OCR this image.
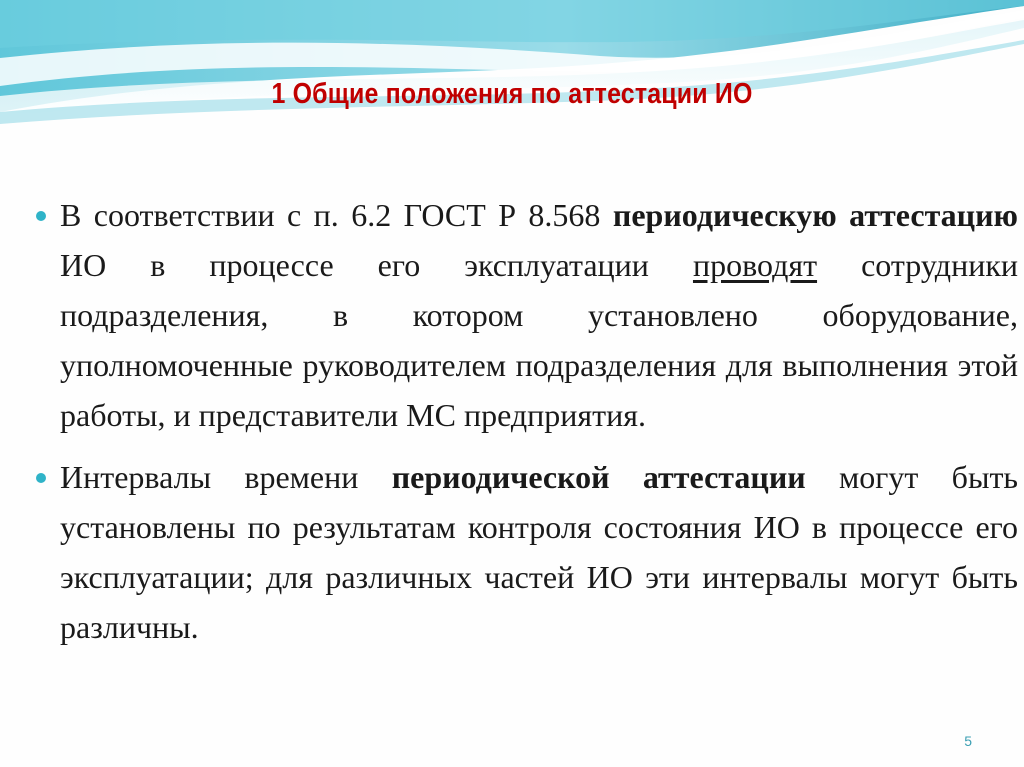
1 Общие положения по аттестации ИО
В соответствии с п. 6.2 ГОСТ Р 8.568 периодическую аттестацию ИО в процессе его эксплуатации проводят сотрудники подразделения, в котором установлено оборудование, уполномоченные руководителем подразделения для выполнения этой работы, и представители МС предприятия.
Интервалы времени периодической аттестации могут быть установлены по результатам контроля состояния ИО в процессе его эксплуатации; для различных частей ИО эти интервалы могут быть различны.
5
